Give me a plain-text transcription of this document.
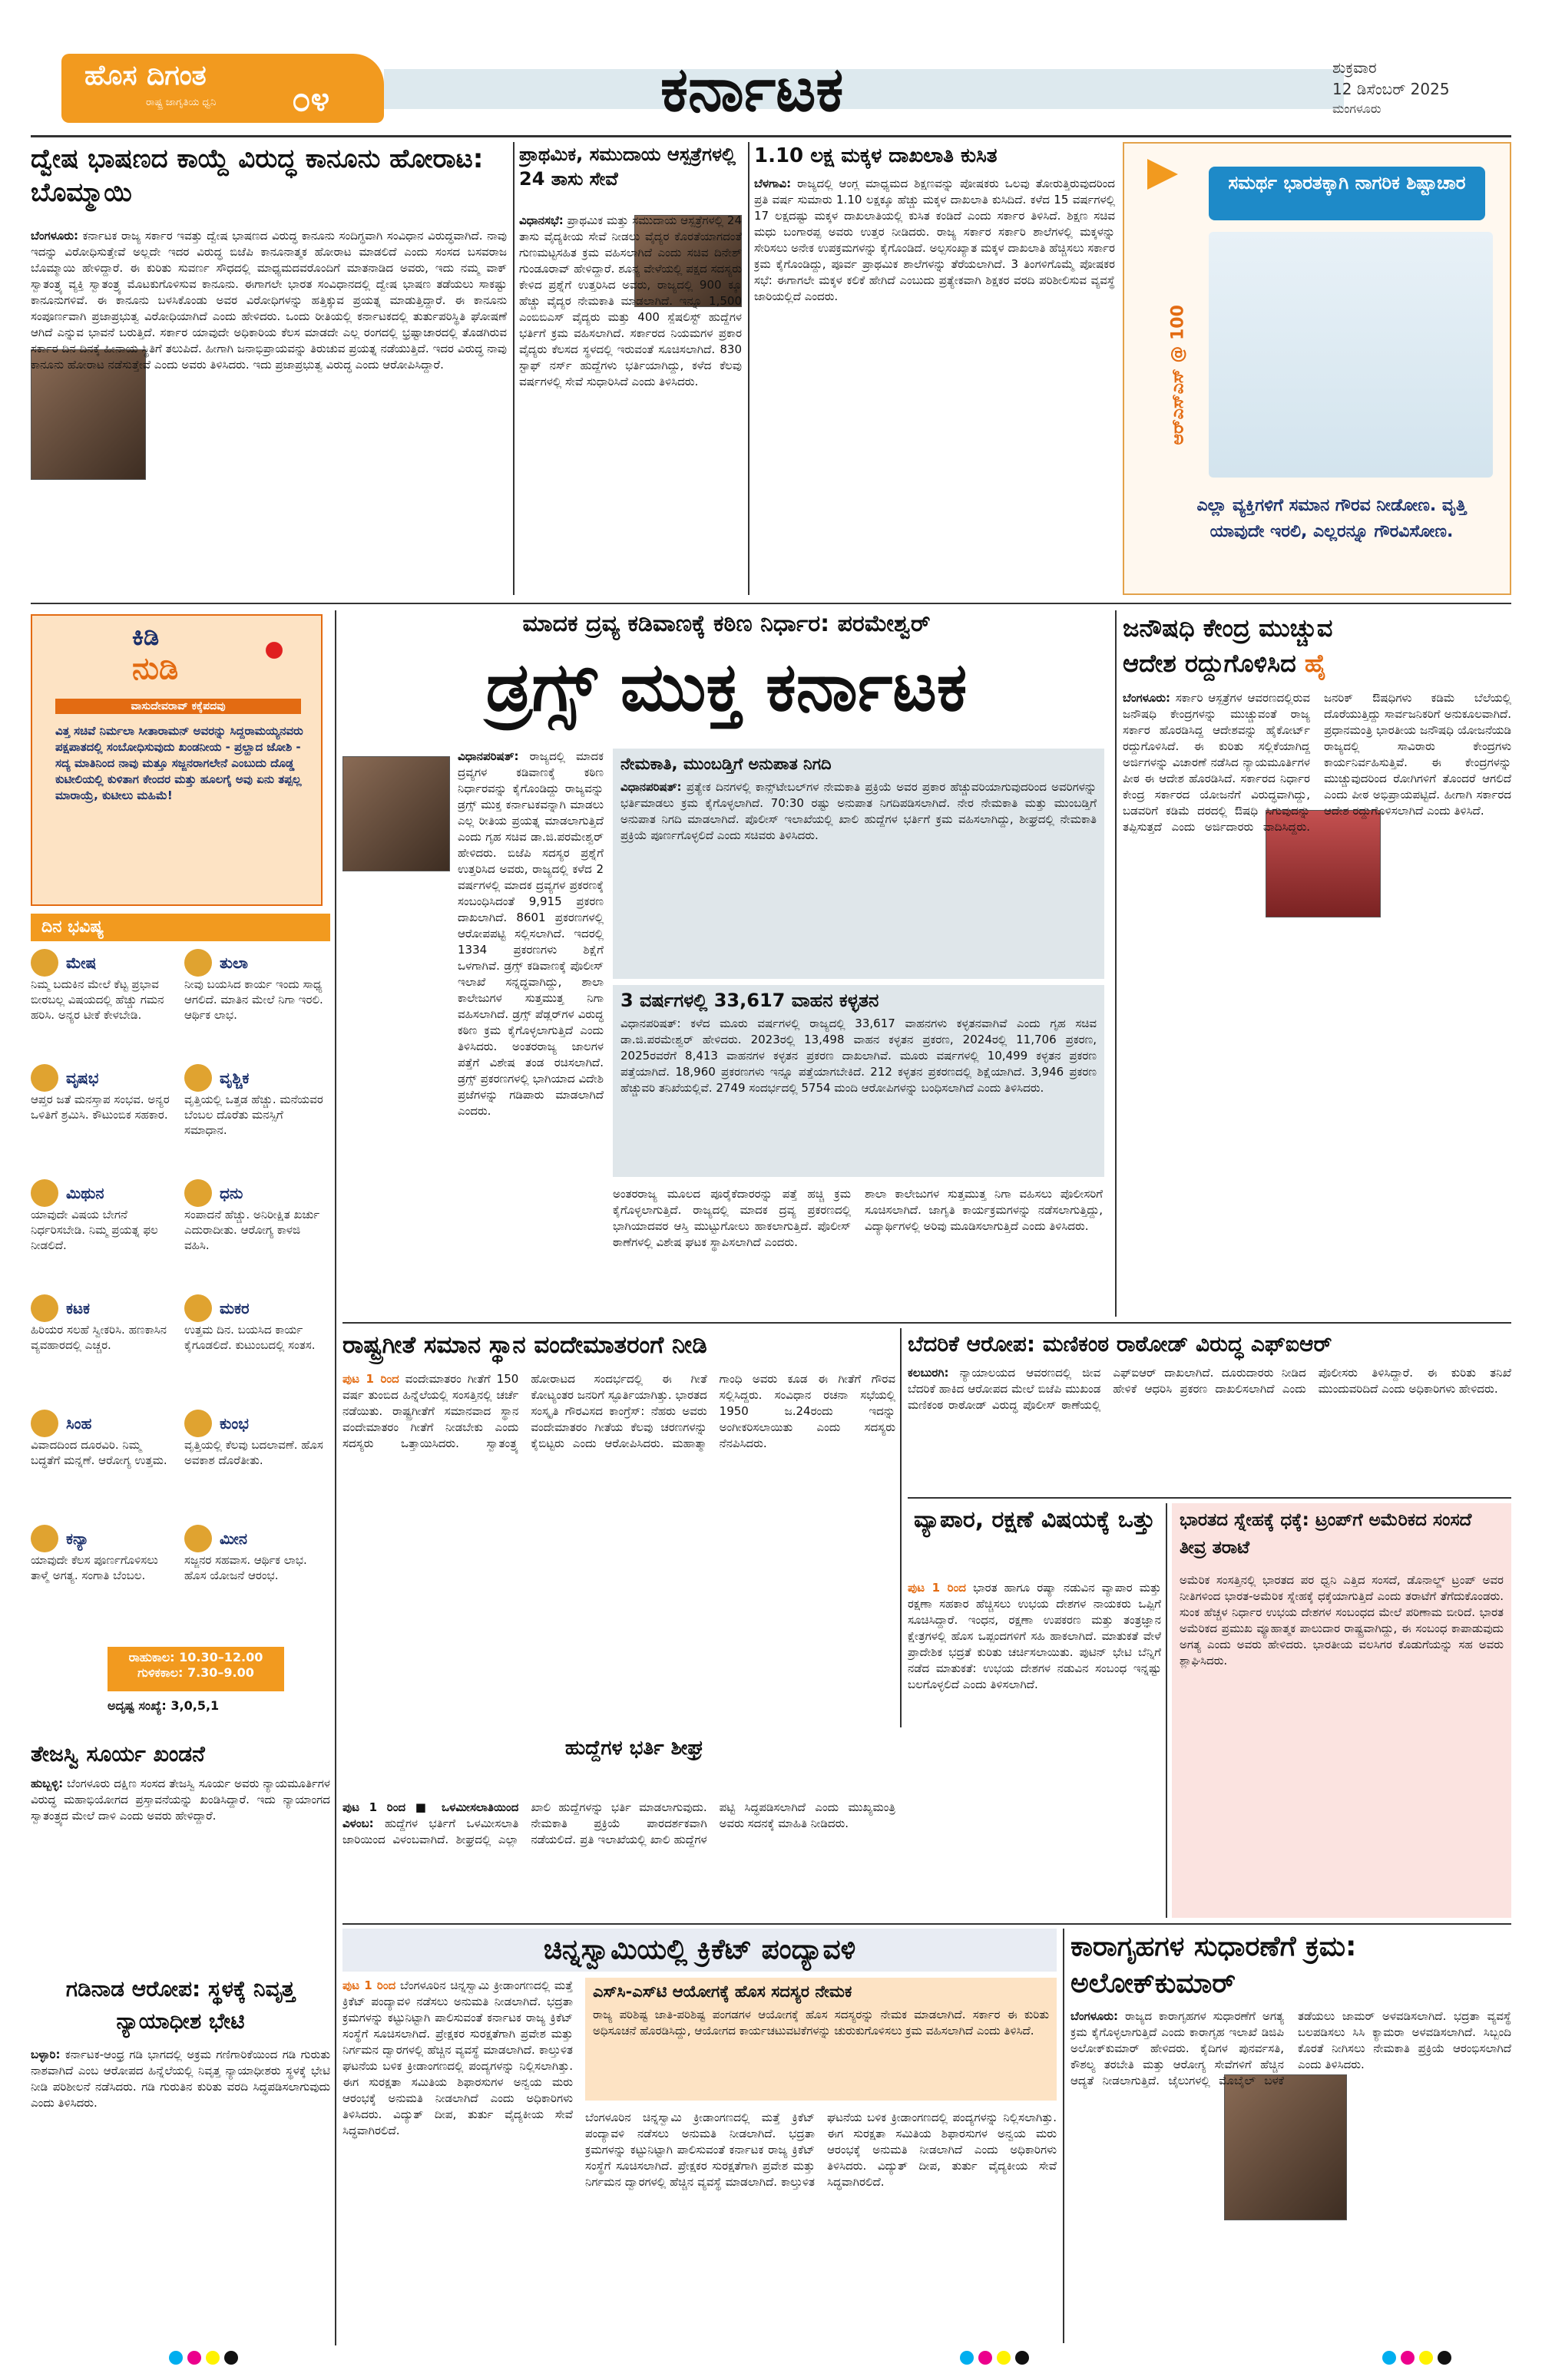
ಹೊಸ ದಿಗಂತ
ರಾಷ್ಟ್ರ ಜಾಗೃತಿಯ ಧ್ವನಿ ೦೪	ಕರ್ನಾಟಕ	ಶುಕ್ರವಾರ
12 ಡಿಸೆಂಬರ್ 2025
ಮಂಗಳೂರು
ದ್ವೇಷ ಭಾಷಣದ ಕಾಯ್ದೆ ವಿರುದ್ಧ ಕಾನೂನು ಹೋರಾಟ: ಬೊಮ್ಮಾಯಿ
ಬೆಂಗಳೂರು: ಕರ್ನಾಟಕ ರಾಜ್ಯ ಸರ್ಕಾರ ಇವತ್ತು ದ್ವೇಷ ಭಾಷಣದ ವಿರುದ್ಧ ಕಾನೂನು ಸಂದಿಗ್ಧವಾಗಿ ಸಂವಿಧಾನ ವಿರುದ್ಧವಾಗಿದೆ. ನಾವು ಇದನ್ನು ವಿರೋಧಿಸುತ್ತೇವೆ ಅಲ್ಲದೇ ಇದರ ವಿರುದ್ಧ ಬಿಜೆಪಿ ಕಾನೂನಾತ್ಮಕ ಹೋರಾಟ ಮಾಡಲಿದೆ ಎಂದು ಸಂಸದ ಬಸವರಾಜ ಬೊಮ್ಮಾಯಿ ಹೇಳಿದ್ದಾರೆ. ಈ ಕುರಿತು ಸುವರ್ಣ ಸೌಧದಲ್ಲಿ ಮಾಧ್ಯಮದವರೊಂದಿಗೆ ಮಾತನಾಡಿದ ಅವರು, ಇದು ನಮ್ಮ ವಾಕ್ ಸ್ವಾತಂತ್ರ್ಯ ವ್ಯಕ್ತಿ ಸ್ವಾತಂತ್ರ್ಯ ಮೊಟಕುಗೊಳಿಸುವ ಕಾನೂನು. ಈಗಾಗಲೇ ಭಾರತ ಸಂವಿಧಾನದಲ್ಲಿ ದ್ವೇಷ ಭಾಷಣ ತಡೆಯಲು ಸಾಕಷ್ಟು ಕಾನೂನುಗಳಿವೆ. ಈ ಕಾನೂನು ಬಳಸಿಕೊಂಡು ಅವರ ವಿರೋಧಿಗಳನ್ನು ಹತ್ತಿಕ್ಕುವ ಪ್ರಯತ್ನ ಮಾಡುತ್ತಿದ್ದಾರೆ. ಈ ಕಾನೂನು ಸಂಪೂರ್ಣವಾಗಿ ಪ್ರಜಾಪ್ರಭುತ್ವ ವಿರೋಧಿಯಾಗಿದೆ ಎಂದು ಹೇಳಿದರು. ಒಂದು ರೀತಿಯಲ್ಲಿ ಕರ್ನಾಟಕದಲ್ಲಿ ತುರ್ತುಪರಿಸ್ಥಿತಿ ಘೋಷಣೆ ಆಗಿದೆ ಎನ್ನುವ ಭಾವನೆ ಬರುತ್ತಿದೆ. ಸರ್ಕಾರ ಯಾವುದೇ ಅಧಿಕಾರಿಯ ಕೆಲಸ ಮಾಡದೇ ಎಲ್ಲ ರಂಗದಲ್ಲಿ ಭ್ರಷ್ಟಾಚಾರದಲ್ಲಿ ತೊಡಗಿರುವ ಸರ್ಕಾರ ದಿನ ದಿನಕ್ಕೆ ಹೀನಾಯ ಸ್ಥಿತಿಗೆ ತಲುಪಿದೆ. ಹೀಗಾಗಿ ಜನಾಭಿಪ್ರಾಯವನ್ನು ತಿರುಚುವ ಪ್ರಯತ್ನ ನಡೆಯುತ್ತಿದೆ. ಇದರ ವಿರುದ್ಧ ನಾವು ಕಾನೂನು ಹೋರಾಟ ನಡೆಸುತ್ತೇವೆ ಎಂದು ಅವರು ತಿಳಿಸಿದರು. ಇದು ಪ್ರಜಾಪ್ರಭುತ್ವ ವಿರುದ್ಧ ಎಂದು ಆರೋಪಿಸಿದ್ದಾರೆ.
ಪ್ರಾಥಮಿಕ, ಸಮುದಾಯ ಆಸ್ಪತ್ರೆಗಳಲ್ಲಿ 24 ತಾಸು ಸೇವೆ
ವಿಧಾನಸಭೆ: ಪ್ರಾಥಮಿಕ ಮತ್ತು ಸಮುದಾಯ ಆಸ್ಪತ್ರೆಗಳಲ್ಲಿ 24 ತಾಸು ವೈದ್ಯಕೀಯ ಸೇವೆ ನೀಡಲು ವೈದ್ಯರ ಕೊರತೆಯಾಗದಂತೆ ಗುಣಮಟ್ಟಸಹಿತ ಕ್ರಮ ವಹಿಸಲಾಗಿದೆ ಎಂದು ಸಚಿವ ದಿನೇಶ್ ಗುಂಡೂರಾವ್ ಹೇಳಿದ್ದಾರೆ. ಶೂನ್ಯ ವೇಳೆಯಲ್ಲಿ ಪಕ್ಷದ ಸದಸ್ಯರು ಕೇಳಿದ ಪ್ರಶ್ನೆಗೆ ಉತ್ತರಿಸಿದ ಅವರು, ರಾಜ್ಯದಲ್ಲಿ 900 ಕ್ಕೂ ಹೆಚ್ಚು ವೈದ್ಯರ ನೇಮಕಾತಿ ಮಾಡಲಾಗಿದೆ. ಇನ್ನೂ 1,500 ಎಂಬಿಬಿಎಸ್ ವೈದ್ಯರು ಮತ್ತು 400 ಸ್ಪೆಷಲಿಸ್ಟ್ ಹುದ್ದೆಗಳ ಭರ್ತಿಗೆ ಕ್ರಮ ವಹಿಸಲಾಗಿದೆ. ಸರ್ಕಾರದ ನಿಯಮಗಳ ಪ್ರಕಾರ ವೈದ್ಯರು ಕೆಲಸದ ಸ್ಥಳದಲ್ಲಿ ಇರುವಂತೆ ಸೂಚಿಸಲಾಗಿದೆ. 830 ಸ್ಟಾಫ್ ನರ್ಸ್ ಹುದ್ದೆಗಳು ಭರ್ತಿಯಾಗಿದ್ದು, ಕಳೆದ ಕೆಲವು ವರ್ಷಗಳಲ್ಲಿ ಸೇವೆ ಸುಧಾರಿಸಿದೆ ಎಂದು ತಿಳಿಸಿದರು.
1.10 ಲಕ್ಷ ಮಕ್ಕಳ ದಾಖಲಾತಿ ಕುಸಿತ
ಬೆಳಗಾವಿ: ರಾಜ್ಯದಲ್ಲಿ ಆಂಗ್ಲ ಮಾಧ್ಯಮದ ಶಿಕ್ಷಣವನ್ನು ಪೋಷಕರು ಒಲವು ತೋರುತ್ತಿರುವುದರಿಂದ ಪ್ರತಿ ವರ್ಷ ಸುಮಾರು 1.10 ಲಕ್ಷಕ್ಕೂ ಹೆಚ್ಚು ಮಕ್ಕಳ ದಾಖಲಾತಿ ಕುಸಿದಿದೆ. ಕಳೆದ 15 ವರ್ಷಗಳಲ್ಲಿ 17 ಲಕ್ಷದಷ್ಟು ಮಕ್ಕಳ ದಾಖಲಾತಿಯಲ್ಲಿ ಕುಸಿತ ಕಂಡಿದೆ ಎಂದು ಸರ್ಕಾರ ತಿಳಿಸಿದೆ. ಶಿಕ್ಷಣ ಸಚಿವ ಮಧು ಬಂಗಾರಪ್ಪ ಅವರು ಉತ್ತರ ನೀಡಿದರು. ರಾಜ್ಯ ಸರ್ಕಾರ ಸರ್ಕಾರಿ ಶಾಲೆಗಳಲ್ಲಿ ಮಕ್ಕಳನ್ನು ಸೇರಿಸಲು ಅನೇಕ ಉಪಕ್ರಮಗಳನ್ನು ಕೈಗೊಂಡಿದೆ. ಅಲ್ಪಸಂಖ್ಯಾತ ಮಕ್ಕಳ ದಾಖಲಾತಿ ಹೆಚ್ಚಿಸಲು ಸರ್ಕಾರ ಕ್ರಮ ಕೈಗೊಂಡಿದ್ದು, ಪೂರ್ವ ಪ್ರಾಥಮಿಕ ಶಾಲೆಗಳನ್ನು ತೆರೆಯಲಾಗಿದೆ. 3 ತಿಂಗಳಿಗೊಮ್ಮೆ ಪೋಷಕರ ಸಭೆ: ಈಗಾಗಲೇ ಮಕ್ಕಳ ಕಲಿಕೆ ಹೇಗಿದೆ ಎಂಬುದು ಪ್ರತ್ಯೇಕವಾಗಿ ಶಿಕ್ಷಕರ ವರದಿ ಪರಿಶೀಲಿಸುವ ವ್ಯವಸ್ಥೆ ಜಾರಿಯಲ್ಲಿದೆ ಎಂದರು.
ಸಮರ್ಥ ಭಾರತಕ್ಕಾಗಿ ನಾಗರಿಕ ಶಿಷ್ಟಾಚಾರ
ಆರ್‌ಎಸ್‌ಎಸ್ @ 100
ಎಲ್ಲಾ ವ್ಯಕ್ತಿಗಳಿಗೆ ಸಮಾನ ಗೌರವ ನೀಡೋಣ. ವೃತ್ತಿ ಯಾವುದೇ ಇರಲಿ, ಎಲ್ಲರನ್ನೂ ಗೌರವಿಸೋಣ.
ಕಿಡಿ
ನುಡಿ
ವಾಸುದೇವರಾವ್ ಕಕ್ಕೆಪದವು
ವಿತ್ತ ಸಚಿವೆ ನಿರ್ಮಲಾ ಸೀತಾರಾಮನ್ ಅವರನ್ನು ಸಿದ್ದರಾಮಯ್ಯನವರು ಪಕ್ಷಪಾತದಲ್ಲಿ ಸಂಬೋಧಿಸುವುದು ಖಂಡನೀಯ - ಪ್ರಲ್ಹಾದ ಜೋಶಿ - ಸದ್ಯ ಮಾತಿನಿಂದ ನಾವು ಮತ್ತೂ ಸಜ್ಜನರಾಗಲೇನೆ ಎಂಬುದು ದೊಡ್ಡ ಕುಟೀಲಿಯಲ್ಲಿ ಕುಳಿತಾಗ ಕೇಂದರ ಮತ್ತು ಹೂಲಗೈ ಅವು ಏನು ತಪ್ಪಲ್ಲ ಮಾರಾಯ್ರೆ, ಕುಟೀಲು ಮಹಿಮೆ!
ದಿನ ಭವಿಷ್ಯ
ಮೇಷ
ನಿಮ್ಮ ಬದುಕಿನ ಮೇಲೆ ಕೆಟ್ಟ ಪ್ರಭಾವ ಬೀರಬಲ್ಲ ವಿಷಯದಲ್ಲಿ ಹೆಚ್ಚು ಗಮನ ಹರಿಸಿ. ಅನ್ಯರ ಟೀಕೆ ಕೇಳಬೇಡಿ.
ತುಲಾ
ನೀವು ಬಯಸಿದ ಕಾರ್ಯ ಇಂದು ಸಾಧ್ಯ ಆಗಲಿದೆ. ಮಾತಿನ ಮೇಲೆ ನಿಗಾ ಇರಲಿ. ಆರ್ಥಿಕ ಲಾಭ.
ವೃಷಭ
ಆಪ್ತರ ಜತೆ ಮನಸ್ತಾಪ ಸಂಭವ. ಅನ್ಯರ ಒಳಿತಿಗೆ ಶ್ರಮಿಸಿ. ಕೌಟುಂಬಿಕ ಸಹಕಾರ.
ವೃಶ್ಚಿಕ
ವೃತ್ತಿಯಲ್ಲಿ ಒತ್ತಡ ಹೆಚ್ಚು. ಮನೆಯವರ ಬೆಂಬಲ ದೊರೆತು ಮನಸ್ಸಿಗೆ ಸಮಾಧಾನ.
ಮಿಥುನ
ಯಾವುದೇ ವಿಷಯ ಬೇಗನೆ ನಿರ್ಧರಿಸಬೇಡಿ. ನಿಮ್ಮ ಪ್ರಯತ್ನ ಫಲ ನೀಡಲಿದೆ.
ಧನು
ಸಂಪಾದನೆ ಹೆಚ್ಚು. ಅನಿರೀಕ್ಷಿತ ಖರ್ಚು ಎದುರಾದೀತು. ಆರೋಗ್ಯ ಕಾಳಜಿ ವಹಿಸಿ.
ಕಟಕ
ಹಿರಿಯರ ಸಲಹೆ ಸ್ವೀಕರಿಸಿ. ಹಣಕಾಸಿನ ವ್ಯವಹಾರದಲ್ಲಿ ಎಚ್ಚರ.
ಮಕರ
ಉತ್ತಮ ದಿನ. ಬಯಸಿದ ಕಾರ್ಯ ಕೈಗೂಡಲಿದೆ. ಕುಟುಂಬದಲ್ಲಿ ಸಂತಸ.
ಸಿಂಹ
ವಿವಾದದಿಂದ ದೂರವಿರಿ. ನಿಮ್ಮ ಬದ್ಧತೆಗೆ ಮನ್ನಣೆ. ಆರೋಗ್ಯ ಉತ್ತಮ.
ಕುಂಭ
ವೃತ್ತಿಯಲ್ಲಿ ಕೆಲವು ಬದಲಾವಣೆ. ಹೊಸ ಅವಕಾಶ ದೊರೆತೀತು.
ಕನ್ಯಾ
ಯಾವುದೇ ಕೆಲಸ ಪೂರ್ಣಗೊಳಿಸಲು ತಾಳ್ಮೆ ಅಗತ್ಯ. ಸಂಗಾತಿ ಬೆಂಬಲ.
ಮೀನ
ಸಜ್ಜನರ ಸಹವಾಸ. ಆರ್ಥಿಕ ಲಾಭ. ಹೊಸ ಯೋಜನೆ ಆರಂಭ.
ರಾಹುಕಾಲ: 10.30–12.00
ಗುಳಿಕಕಾಲ: 7.30–9.00
ಅದೃಷ್ಟ ಸಂಖ್ಯೆ: 3,0,5,1
ತೇಜಸ್ವಿ ಸೂರ್ಯ ಖಂಡನೆ
ಹುಬ್ಬಳ್ಳಿ: ಬೆಂಗಳೂರು ದಕ್ಷಿಣ ಸಂಸದ ತೇಜಸ್ವಿ ಸೂರ್ಯ ಅವರು ನ್ಯಾಯಮೂರ್ತಿಗಳ ವಿರುದ್ಧ ಮಹಾಭಿಯೋಗದ ಪ್ರಸ್ತಾವನೆಯನ್ನು ಖಂಡಿಸಿದ್ದಾರೆ. ಇದು ನ್ಯಾಯಾಂಗದ ಸ್ವಾತಂತ್ರ್ಯದ ಮೇಲೆ ದಾಳಿ ಎಂದು ಅವರು ಹೇಳಿದ್ದಾರೆ.
ಗಡಿನಾಡ ಆರೋಪ: ಸ್ಥಳಕ್ಕೆ ನಿವೃತ್ತ ನ್ಯಾಯಾಧೀಶ ಭೇಟಿ
ಬಳ್ಳಾರಿ: ಕರ್ನಾಟಕ-ಆಂಧ್ರ ಗಡಿ ಭಾಗದಲ್ಲಿ ಅಕ್ರಮ ಗಣಿಗಾರಿಕೆಯಿಂದ ಗಡಿ ಗುರುತು ನಾಶವಾಗಿದೆ ಎಂಬ ಆರೋಪದ ಹಿನ್ನೆಲೆಯಲ್ಲಿ ನಿವೃತ್ತ ನ್ಯಾಯಾಧೀಶರು ಸ್ಥಳಕ್ಕೆ ಭೇಟಿ ನೀಡಿ ಪರಿಶೀಲನೆ ನಡೆಸಿದರು. ಗಡಿ ಗುರುತಿನ ಕುರಿತು ವರದಿ ಸಿದ್ಧಪಡಿಸಲಾಗುವುದು ಎಂದು ತಿಳಿಸಿದರು.
ಮಾದಕ ದ್ರವ್ಯ ಕಡಿವಾಣಕ್ಕೆ ಕಠಿಣ ನಿರ್ಧಾರ: ಪರಮೇಶ್ವರ್
ಡ್ರಗ್ಸ್ ಮುಕ್ತ ಕರ್ನಾಟಕ
ವಿಧಾನಪರಿಷತ್: ರಾಜ್ಯದಲ್ಲಿ ಮಾದಕ ದ್ರವ್ಯಗಳ ಕಡಿವಾಣಕ್ಕೆ ಕಠಿಣ ನಿರ್ಧಾರವನ್ನು ಕೈಗೊಂಡಿದ್ದು ರಾಜ್ಯವನ್ನು ಡ್ರಗ್ಸ್ ಮುಕ್ತ ಕರ್ನಾಟಕವನ್ನಾಗಿ ಮಾಡಲು ಎಲ್ಲ ರೀತಿಯ ಪ್ರಯತ್ನ ಮಾಡಲಾಗುತ್ತಿದೆ ಎಂದು ಗೃಹ ಸಚಿವ ಡಾ.ಜಿ.ಪರಮೇಶ್ವರ್ ಹೇಳಿದರು. ಬಿಜೆಪಿ ಸದಸ್ಯರ ಪ್ರಶ್ನೆಗೆ ಉತ್ತರಿಸಿದ ಅವರು, ರಾಜ್ಯದಲ್ಲಿ ಕಳೆದ 2 ವರ್ಷಗಳಲ್ಲಿ ಮಾದಕ ದ್ರವ್ಯಗಳ ಪ್ರಕರಣಕ್ಕೆ ಸಂಬಂಧಿಸಿದಂತೆ 9,915 ಪ್ರಕರಣ ದಾಖಲಾಗಿದೆ. 8601 ಪ್ರಕರಣಗಳಲ್ಲಿ ಆರೋಪಪಟ್ಟಿ ಸಲ್ಲಿಸಲಾಗಿದೆ. ಇದರಲ್ಲಿ 1334 ಪ್ರಕರಣಗಳು ಶಿಕ್ಷೆಗೆ ಒಳಗಾಗಿವೆ. ಡ್ರಗ್ಸ್ ಕಡಿವಾಣಕ್ಕೆ ಪೊಲೀಸ್ ಇಲಾಖೆ ಸನ್ನದ್ಧವಾಗಿದ್ದು, ಶಾಲಾ ಕಾಲೇಜುಗಳ ಸುತ್ತಮುತ್ತ ನಿಗಾ ವಹಿಸಲಾಗಿದೆ. ಡ್ರಗ್ಸ್ ಪೆಡ್ಲರ್‌ಗಳ ವಿರುದ್ಧ ಕಠಿಣ ಕ್ರಮ ಕೈಗೊಳ್ಳಲಾಗುತ್ತಿದೆ ಎಂದು ತಿಳಿಸಿದರು. ಅಂತರರಾಜ್ಯ ಜಾಲಗಳ ಪತ್ತೆಗೆ ವಿಶೇಷ ತಂಡ ರಚಿಸಲಾಗಿದೆ. ಡ್ರಗ್ಸ್ ಪ್ರಕರಣಗಳಲ್ಲಿ ಭಾಗಿಯಾದ ವಿದೇಶಿ ಪ್ರಜೆಗಳನ್ನು ಗಡಿಪಾರು ಮಾಡಲಾಗಿದೆ ಎಂದರು.
ನೇಮಕಾತಿ, ಮುಂಬಡ್ತಿಗೆ ಅನುಪಾತ ನಿಗದಿ
ವಿಧಾನಪರಿಷತ್: ಪ್ರತ್ಯೇಕ ದಿನಗಳಲ್ಲಿ ಕಾನ್ಸ್‌ಟೇಬಲ್‌ಗಳ ನೇಮಕಾತಿ ಪ್ರಕ್ರಿಯೆ ಅವರ ಪ್ರಕಾರ ಹೆಚ್ಚುವರಿಯಾಗುವುದರಿಂದ ಅವರಿಗಳನ್ನು ಭರ್ತಿಮಾಡಲು ಕ್ರಮ ಕೈಗೊಳ್ಳಲಾಗಿದೆ. 70:30 ರಷ್ಟು ಅನುಪಾತ ನಿಗದಿಪಡಿಸಲಾಗಿದೆ. ನೇರ ನೇಮಕಾತಿ ಮತ್ತು ಮುಂಬಡ್ತಿಗೆ ಅನುಪಾತ ನಿಗದಿ ಮಾಡಲಾಗಿದೆ. ಪೊಲೀಸ್ ಇಲಾಖೆಯಲ್ಲಿ ಖಾಲಿ ಹುದ್ದೆಗಳ ಭರ್ತಿಗೆ ಕ್ರಮ ವಹಿಸಲಾಗಿದ್ದು, ಶೀಘ್ರದಲ್ಲಿ ನೇಮಕಾತಿ ಪ್ರಕ್ರಿಯೆ ಪೂರ್ಣಗೊಳ್ಳಲಿದೆ ಎಂದು ಸಚಿವರು ತಿಳಿಸಿದರು.
3 ವರ್ಷಗಳಲ್ಲಿ 33,617 ವಾಹನ ಕಳ್ಳತನ
ವಿಧಾನಪರಿಷತ್: ಕಳೆದ ಮೂರು ವರ್ಷಗಳಲ್ಲಿ ರಾಜ್ಯದಲ್ಲಿ 33,617 ವಾಹನಗಳು ಕಳ್ಳತನವಾಗಿವೆ ಎಂದು ಗೃಹ ಸಚಿವ ಡಾ.ಜಿ.ಪರಮೇಶ್ವರ್ ಹೇಳಿದರು. 2023ರಲ್ಲಿ 13,498 ವಾಹನ ಕಳ್ಳತನ ಪ್ರಕರಣ, 2024ರಲ್ಲಿ 11,706 ಪ್ರಕರಣ, 2025ರವರೆಗೆ 8,413 ವಾಹನಗಳ ಕಳ್ಳತನ ಪ್ರಕರಣ ದಾಖಲಾಗಿವೆ. ಮೂರು ವರ್ಷಗಳಲ್ಲಿ 10,499 ಕಳ್ಳತನ ಪ್ರಕರಣ ಪತ್ತೆಯಾಗಿದೆ. 18,960 ಪ್ರಕರಣಗಳು ಇನ್ನೂ ಪತ್ತೆಯಾಗಬೇಕಿದೆ. 212 ಕಳ್ಳತನ ಪ್ರಕರಣದಲ್ಲಿ ಶಿಕ್ಷೆಯಾಗಿದೆ. 3,946 ಪ್ರಕರಣ ಹೆಚ್ಚುವರಿ ತನಿಖೆಯಲ್ಲಿವೆ. 2749 ಸಂದರ್ಭದಲ್ಲಿ 5754 ಮಂದಿ ಆರೋಪಿಗಳನ್ನು ಬಂಧಿಸಲಾಗಿದೆ ಎಂದು ತಿಳಿಸಿದರು.
ಅಂತರರಾಜ್ಯ ಮೂಲದ ಪೂರೈಕೆದಾರರನ್ನು ಪತ್ತೆ ಹಚ್ಚಿ ಕ್ರಮ ಕೈಗೊಳ್ಳಲಾಗುತ್ತಿದೆ. ರಾಜ್ಯದಲ್ಲಿ ಮಾದಕ ದ್ರವ್ಯ ಪ್ರಕರಣದಲ್ಲಿ ಭಾಗಿಯಾದವರ ಆಸ್ತಿ ಮುಟ್ಟುಗೋಲು ಹಾಕಲಾಗುತ್ತಿದೆ. ಪೊಲೀಸ್ ಠಾಣೆಗಳಲ್ಲಿ ವಿಶೇಷ ಘಟಕ ಸ್ಥಾಪಿಸಲಾಗಿದೆ ಎಂದರು.
ಶಾಲಾ ಕಾಲೇಜುಗಳ ಸುತ್ತಮುತ್ತ ನಿಗಾ ವಹಿಸಲು ಪೊಲೀಸರಿಗೆ ಸೂಚಿಸಲಾಗಿದೆ. ಜಾಗೃತಿ ಕಾರ್ಯಕ್ರಮಗಳನ್ನು ನಡೆಸಲಾಗುತ್ತಿದ್ದು, ವಿದ್ಯಾರ್ಥಿಗಳಲ್ಲಿ ಅರಿವು ಮೂಡಿಸಲಾಗುತ್ತಿದೆ ಎಂದು ತಿಳಿಸಿದರು.
ಜನೌಷಧಿ ಕೇಂದ್ರ ಮುಚ್ಚುವ
ಆದೇಶ ರದ್ದುಗೊಳಿಸಿದ ಹೈ
ಬೆಂಗಳೂರು: ಸರ್ಕಾರಿ ಆಸ್ಪತ್ರೆಗಳ ಆವರಣದಲ್ಲಿರುವ ಜನೌಷಧಿ ಕೇಂದ್ರಗಳನ್ನು ಮುಚ್ಚುವಂತೆ ರಾಜ್ಯ ಸರ್ಕಾರ ಹೊರಡಿಸಿದ್ದ ಆದೇಶವನ್ನು ಹೈಕೋರ್ಟ್ ರದ್ದುಗೊಳಿಸಿದೆ. ಈ ಕುರಿತು ಸಲ್ಲಿಕೆಯಾಗಿದ್ದ ಅರ್ಜಿಗಳನ್ನು ವಿಚಾರಣೆ ನಡೆಸಿದ ನ್ಯಾಯಮೂರ್ತಿಗಳ ಪೀಠ ಈ ಆದೇಶ ಹೊರಡಿಸಿದೆ. ಸರ್ಕಾರದ ನಿರ್ಧಾರ ಕೇಂದ್ರ ಸರ್ಕಾರದ ಯೋಜನೆಗೆ ವಿರುದ್ಧವಾಗಿದ್ದು, ಬಡವರಿಗೆ ಕಡಿಮೆ ದರದಲ್ಲಿ ಔಷಧಿ ಸಿಗುವುದನ್ನು ತಪ್ಪಿಸುತ್ತದೆ ಎಂದು ಅರ್ಜಿದಾರರು ವಾದಿಸಿದ್ದರು. ಜನರಿಕ್ ಔಷಧಿಗಳು ಕಡಿಮೆ ಬೆಲೆಯಲ್ಲಿ ದೊರೆಯುತ್ತಿದ್ದು ಸಾರ್ವಜನಿಕರಿಗೆ ಅನುಕೂಲವಾಗಿದೆ. ಪ್ರಧಾನಮಂತ್ರಿ ಭಾರತೀಯ ಜನೌಷಧಿ ಯೋಜನೆಯಡಿ ರಾಜ್ಯದಲ್ಲಿ ಸಾವಿರಾರು ಕೇಂದ್ರಗಳು ಕಾರ್ಯನಿರ್ವಹಿಸುತ್ತಿವೆ. ಈ ಕೇಂದ್ರಗಳನ್ನು ಮುಚ್ಚುವುದರಿಂದ ರೋಗಿಗಳಿಗೆ ತೊಂದರೆ ಆಗಲಿದೆ ಎಂದು ಪೀಠ ಅಭಿಪ್ರಾಯಪಟ್ಟಿದೆ. ಹೀಗಾಗಿ ಸರ್ಕಾರದ ಆದೇಶ ರದ್ದುಗೊಳಿಸಲಾಗಿದೆ ಎಂದು ತಿಳಿಸಿದೆ.
ರಾಷ್ಟ್ರಗೀತೆ ಸಮಾನ ಸ್ಥಾನ ವಂದೇಮಾತರಂಗೆ ನೀಡಿ
ಪುಟ 1 ರಿಂದ ವಂದೇಮಾತರಂ ಗೀತೆಗೆ 150 ವರ್ಷ ತುಂಬಿದ ಹಿನ್ನೆಲೆಯಲ್ಲಿ ಸಂಸತ್ತಿನಲ್ಲಿ ಚರ್ಚೆ ನಡೆಯಿತು. ರಾಷ್ಟ್ರಗೀತೆಗೆ ಸಮಾನವಾದ ಸ್ಥಾನ ವಂದೇಮಾತರಂ ಗೀತೆಗೆ ನೀಡಬೇಕು ಎಂದು ಸದಸ್ಯರು ಒತ್ತಾಯಿಸಿದರು. ಸ್ವಾತಂತ್ರ್ಯ ಹೋರಾಟದ ಸಂದರ್ಭದಲ್ಲಿ ಈ ಗೀತೆ ಕೋಟ್ಯಂತರ ಜನರಿಗೆ ಸ್ಫೂರ್ತಿಯಾಗಿತ್ತು. ಭಾರತದ ಸಂಸ್ಕೃತಿ ಗೌರವಿಸದ ಕಾಂಗ್ರೆಸ್: ನೆಹರು ಅವರು ವಂದೇಮಾತರಂ ಗೀತೆಯ ಕೆಲವು ಚರಣಗಳನ್ನು ಕೈಬಿಟ್ಟರು ಎಂದು ಆರೋಪಿಸಿದರು. ಮಹಾತ್ಮಾ ಗಾಂಧಿ ಅವರು ಕೂಡ ಈ ಗೀತೆಗೆ ಗೌರವ ಸಲ್ಲಿಸಿದ್ದರು. ಸಂವಿಧಾನ ರಚನಾ ಸಭೆಯಲ್ಲಿ 1950 ಜ.24ರಂದು ಇದನ್ನು ಅಂಗೀಕರಿಸಲಾಯಿತು ಎಂದು ಸದಸ್ಯರು ನೆನಪಿಸಿದರು.
ಬೆದರಿಕೆ ಆರೋಪ: ಮಣಿಕಂಠ ರಾಠೋಡ್ ವಿರುದ್ಧ ಎಫ್‌ಐಆರ್
ಕಲಬುರಗಿ: ನ್ಯಾಯಾಲಯದ ಆವರಣದಲ್ಲಿ ಜೀವ ಬೆದರಿಕೆ ಹಾಕಿದ ಆರೋಪದ ಮೇಲೆ ಬಿಜೆಪಿ ಮುಖಂಡ ಮಣಿಕಂಠ ರಾಠೋಡ್ ವಿರುದ್ಧ ಪೊಲೀಸ್ ಠಾಣೆಯಲ್ಲಿ ಎಫ್‌ಐಆರ್ ದಾಖಲಾಗಿದೆ. ದೂರುದಾರರು ನೀಡಿದ ಹೇಳಿಕೆ ಆಧರಿಸಿ ಪ್ರಕರಣ ದಾಖಲಿಸಲಾಗಿದೆ ಎಂದು ಪೊಲೀಸರು ತಿಳಿಸಿದ್ದಾರೆ. ಈ ಕುರಿತು ತನಿಖೆ ಮುಂದುವರಿದಿದೆ ಎಂದು ಅಧಿಕಾರಿಗಳು ಹೇಳಿದರು.
ವ್ಯಾಪಾರ, ರಕ್ಷಣೆ ವಿಷಯಕ್ಕೆ ಒತ್ತು
ಪುಟ 1 ರಿಂದ ಭಾರತ ಹಾಗೂ ರಷ್ಯಾ ನಡುವಿನ ವ್ಯಾಪಾರ ಮತ್ತು ರಕ್ಷಣಾ ಸಹಕಾರ ಹೆಚ್ಚಿಸಲು ಉಭಯ ದೇಶಗಳ ನಾಯಕರು ಒಪ್ಪಿಗೆ ಸೂಚಿಸಿದ್ದಾರೆ. ಇಂಧನ, ರಕ್ಷಣಾ ಉಪಕರಣ ಮತ್ತು ತಂತ್ರಜ್ಞಾನ ಕ್ಷೇತ್ರಗಳಲ್ಲಿ ಹೊಸ ಒಪ್ಪಂದಗಳಿಗೆ ಸಹಿ ಹಾಕಲಾಗಿದೆ. ಮಾತುಕತೆ ವೇಳೆ ಪ್ರಾದೇಶಿಕ ಭದ್ರತೆ ಕುರಿತು ಚರ್ಚಿಸಲಾಯಿತು. ಪುಟಿನ್ ಭೇಟಿ ಬೆನ್ನಿಗೆ ನಡೆದ ಮಾತುಕತೆ: ಉಭಯ ದೇಶಗಳ ನಡುವಿನ ಸಂಬಂಧ ಇನ್ನಷ್ಟು ಬಲಗೊಳ್ಳಲಿದೆ ಎಂದು ತಿಳಿಸಲಾಗಿದೆ.
ಭಾರತದ ಸ್ನೇಹಕ್ಕೆ ಧಕ್ಕೆ: ಟ್ರಂಪ್‌ಗೆ ಅಮೆರಿಕದ ಸಂಸದೆ ತೀವ್ರ ತರಾಟೆ
ಅಮೆರಿಕ ಸಂಸತ್ತಿನಲ್ಲಿ ಭಾರತದ ಪರ ಧ್ವನಿ ಎತ್ತಿದ ಸಂಸದೆ, ಡೊನಾಲ್ಡ್ ಟ್ರಂಪ್ ಅವರ ನೀತಿಗಳಿಂದ ಭಾರತ-ಅಮೆರಿಕ ಸ್ನೇಹಕ್ಕೆ ಧಕ್ಕೆಯಾಗುತ್ತಿದೆ ಎಂದು ತರಾಟೆಗೆ ತೆಗೆದುಕೊಂಡರು. ಸುಂಕ ಹೆಚ್ಚಳ ನಿರ್ಧಾರ ಉಭಯ ದೇಶಗಳ ಸಂಬಂಧದ ಮೇಲೆ ಪರಿಣಾಮ ಬೀರಿದೆ. ಭಾರತ ಅಮೆರಿಕದ ಪ್ರಮುಖ ವ್ಯೂಹಾತ್ಮಕ ಪಾಲುದಾರ ರಾಷ್ಟ್ರವಾಗಿದ್ದು, ಈ ಸಂಬಂಧ ಕಾಪಾಡುವುದು ಅಗತ್ಯ ಎಂದು ಅವರು ಹೇಳಿದರು. ಭಾರತೀಯ ವಲಸಿಗರ ಕೊಡುಗೆಯನ್ನು ಸಹ ಅವರು ಶ್ಲಾಘಿಸಿದರು.
ಹುದ್ದೆಗಳ ಭರ್ತಿ ಶೀಘ್ರ
ಪುಟ 1 ರಿಂದ ■ ಒಳಮೀಸಲಾತಿಯಿಂದ ವಿಳಂಬ: ಹುದ್ದೆಗಳ ಭರ್ತಿಗೆ ಒಳಮೀಸಲಾತಿ ಜಾರಿಯಿಂದ ವಿಳಂಬವಾಗಿದೆ. ಶೀಘ್ರದಲ್ಲಿ ಎಲ್ಲಾ ಖಾಲಿ ಹುದ್ದೆಗಳನ್ನು ಭರ್ತಿ ಮಾಡಲಾಗುವುದು. ನೇಮಕಾತಿ ಪ್ರಕ್ರಿಯೆ ಪಾರದರ್ಶಕವಾಗಿ ನಡೆಯಲಿದೆ. ಪ್ರತಿ ಇಲಾಖೆಯಲ್ಲಿ ಖಾಲಿ ಹುದ್ದೆಗಳ ಪಟ್ಟಿ ಸಿದ್ಧಪಡಿಸಲಾಗಿದೆ ಎಂದು ಮುಖ್ಯಮಂತ್ರಿ ಅವರು ಸದನಕ್ಕೆ ಮಾಹಿತಿ ನೀಡಿದರು.
ಚಿನ್ನಸ್ವಾಮಿಯಲ್ಲಿ ಕ್ರಿಕೆಟ್ ಪಂದ್ಯಾವಳಿ
ಪುಟ 1 ರಿಂದ ಬೆಂಗಳೂರಿನ ಚಿನ್ನಸ್ವಾಮಿ ಕ್ರೀಡಾಂಗಣದಲ್ಲಿ ಮತ್ತೆ ಕ್ರಿಕೆಟ್ ಪಂದ್ಯಾವಳಿ ನಡೆಸಲು ಅನುಮತಿ ನೀಡಲಾಗಿದೆ. ಭದ್ರತಾ ಕ್ರಮಗಳನ್ನು ಕಟ್ಟುನಿಟ್ಟಾಗಿ ಪಾಲಿಸುವಂತೆ ಕರ್ನಾಟಕ ರಾಜ್ಯ ಕ್ರಿಕೆಟ್ ಸಂಸ್ಥೆಗೆ ಸೂಚಿಸಲಾಗಿದೆ. ಪ್ರೇಕ್ಷಕರ ಸುರಕ್ಷತೆಗಾಗಿ ಪ್ರವೇಶ ಮತ್ತು ನಿರ್ಗಮನ ದ್ವಾರಗಳಲ್ಲಿ ಹೆಚ್ಚಿನ ವ್ಯವಸ್ಥೆ ಮಾಡಲಾಗಿದೆ. ಕಾಲ್ತುಳಿತ ಘಟನೆಯ ಬಳಿಕ ಕ್ರೀಡಾಂಗಣದಲ್ಲಿ ಪಂದ್ಯಗಳನ್ನು ನಿಲ್ಲಿಸಲಾಗಿತ್ತು. ಈಗ ಸುರಕ್ಷತಾ ಸಮಿತಿಯ ಶಿಫಾರಸುಗಳ ಅನ್ವಯ ಮರು ಆರಂಭಕ್ಕೆ ಅನುಮತಿ ನೀಡಲಾಗಿದೆ ಎಂದು ಅಧಿಕಾರಿಗಳು ತಿಳಿಸಿದರು. ವಿದ್ಯುತ್ ದೀಪ, ತುರ್ತು ವೈದ್ಯಕೀಯ ಸೇವೆ ಸಿದ್ಧವಾಗಿರಲಿದೆ.
ಎಸ್‌ಸಿ-ಎಸ್‌ಟಿ ಆಯೋಗಕ್ಕೆ ಹೊಸ ಸದಸ್ಯರ ನೇಮಕ
ರಾಜ್ಯ ಪರಿಶಿಷ್ಟ ಜಾತಿ-ಪರಿಶಿಷ್ಟ ಪಂಗಡಗಳ ಆಯೋಗಕ್ಕೆ ಹೊಸ ಸದಸ್ಯರನ್ನು ನೇಮಕ ಮಾಡಲಾಗಿದೆ. ಸರ್ಕಾರ ಈ ಕುರಿತು ಅಧಿಸೂಚನೆ ಹೊರಡಿಸಿದ್ದು, ಆಯೋಗದ ಕಾರ್ಯಚಟುವಟಿಕೆಗಳನ್ನು ಚುರುಕುಗೊಳಿಸಲು ಕ್ರಮ ವಹಿಸಲಾಗಿದೆ ಎಂದು ತಿಳಿಸಿದೆ.
ಬೆಂಗಳೂರಿನ ಚಿನ್ನಸ್ವಾಮಿ ಕ್ರೀಡಾಂಗಣದಲ್ಲಿ ಮತ್ತೆ ಕ್ರಿಕೆಟ್ ಪಂದ್ಯಾವಳಿ ನಡೆಸಲು ಅನುಮತಿ ನೀಡಲಾಗಿದೆ. ಭದ್ರತಾ ಕ್ರಮಗಳನ್ನು ಕಟ್ಟುನಿಟ್ಟಾಗಿ ಪಾಲಿಸುವಂತೆ ಕರ್ನಾಟಕ ರಾಜ್ಯ ಕ್ರಿಕೆಟ್ ಸಂಸ್ಥೆಗೆ ಸೂಚಿಸಲಾಗಿದೆ. ಪ್ರೇಕ್ಷಕರ ಸುರಕ್ಷತೆಗಾಗಿ ಪ್ರವೇಶ ಮತ್ತು ನಿರ್ಗಮನ ದ್ವಾರಗಳಲ್ಲಿ ಹೆಚ್ಚಿನ ವ್ಯವಸ್ಥೆ ಮಾಡಲಾಗಿದೆ. ಕಾಲ್ತುಳಿತ ಘಟನೆಯ ಬಳಿಕ ಕ್ರೀಡಾಂಗಣದಲ್ಲಿ ಪಂದ್ಯಗಳನ್ನು ನಿಲ್ಲಿಸಲಾಗಿತ್ತು. ಈಗ ಸುರಕ್ಷತಾ ಸಮಿತಿಯ ಶಿಫಾರಸುಗಳ ಅನ್ವಯ ಮರು ಆರಂಭಕ್ಕೆ ಅನುಮತಿ ನೀಡಲಾಗಿದೆ ಎಂದು ಅಧಿಕಾರಿಗಳು ತಿಳಿಸಿದರು. ವಿದ್ಯುತ್ ದೀಪ, ತುರ್ತು ವೈದ್ಯಕೀಯ ಸೇವೆ ಸಿದ್ಧವಾಗಿರಲಿದೆ.
ಕಾರಾಗೃಹಗಳ ಸುಧಾರಣೆಗೆ ಕ್ರಮ: ಅಲೋಕ್‌ಕುಮಾರ್
ಬೆಂಗಳೂರು: ರಾಜ್ಯದ ಕಾರಾಗೃಹಗಳ ಸುಧಾರಣೆಗೆ ಅಗತ್ಯ ಕ್ರಮ ಕೈಗೊಳ್ಳಲಾಗುತ್ತಿದೆ ಎಂದು ಕಾರಾಗೃಹ ಇಲಾಖೆ ಡಿಜಿಪಿ ಅಲೋಕ್‌ಕುಮಾರ್ ಹೇಳಿದರು. ಕೈದಿಗಳ ಪುನರ್ವಸತಿ, ಕೌಶಲ್ಯ ತರಬೇತಿ ಮತ್ತು ಆರೋಗ್ಯ ಸೇವೆಗಳಿಗೆ ಹೆಚ್ಚಿನ ಆದ್ಯತೆ ನೀಡಲಾಗುತ್ತಿದೆ. ಜೈಲುಗಳಲ್ಲಿ ಮೊಬೈಲ್ ಬಳಕೆ ತಡೆಯಲು ಜಾಮರ್ ಅಳವಡಿಸಲಾಗಿದೆ. ಭದ್ರತಾ ವ್ಯವಸ್ಥೆ ಬಲಪಡಿಸಲು ಸಿಸಿ ಕ್ಯಾಮರಾ ಅಳವಡಿಸಲಾಗಿದೆ. ಸಿಬ್ಬಂದಿ ಕೊರತೆ ನೀಗಿಸಲು ನೇಮಕಾತಿ ಪ್ರಕ್ರಿಯೆ ಆರಂಭಿಸಲಾಗಿದೆ ಎಂದು ತಿಳಿಸಿದರು.
